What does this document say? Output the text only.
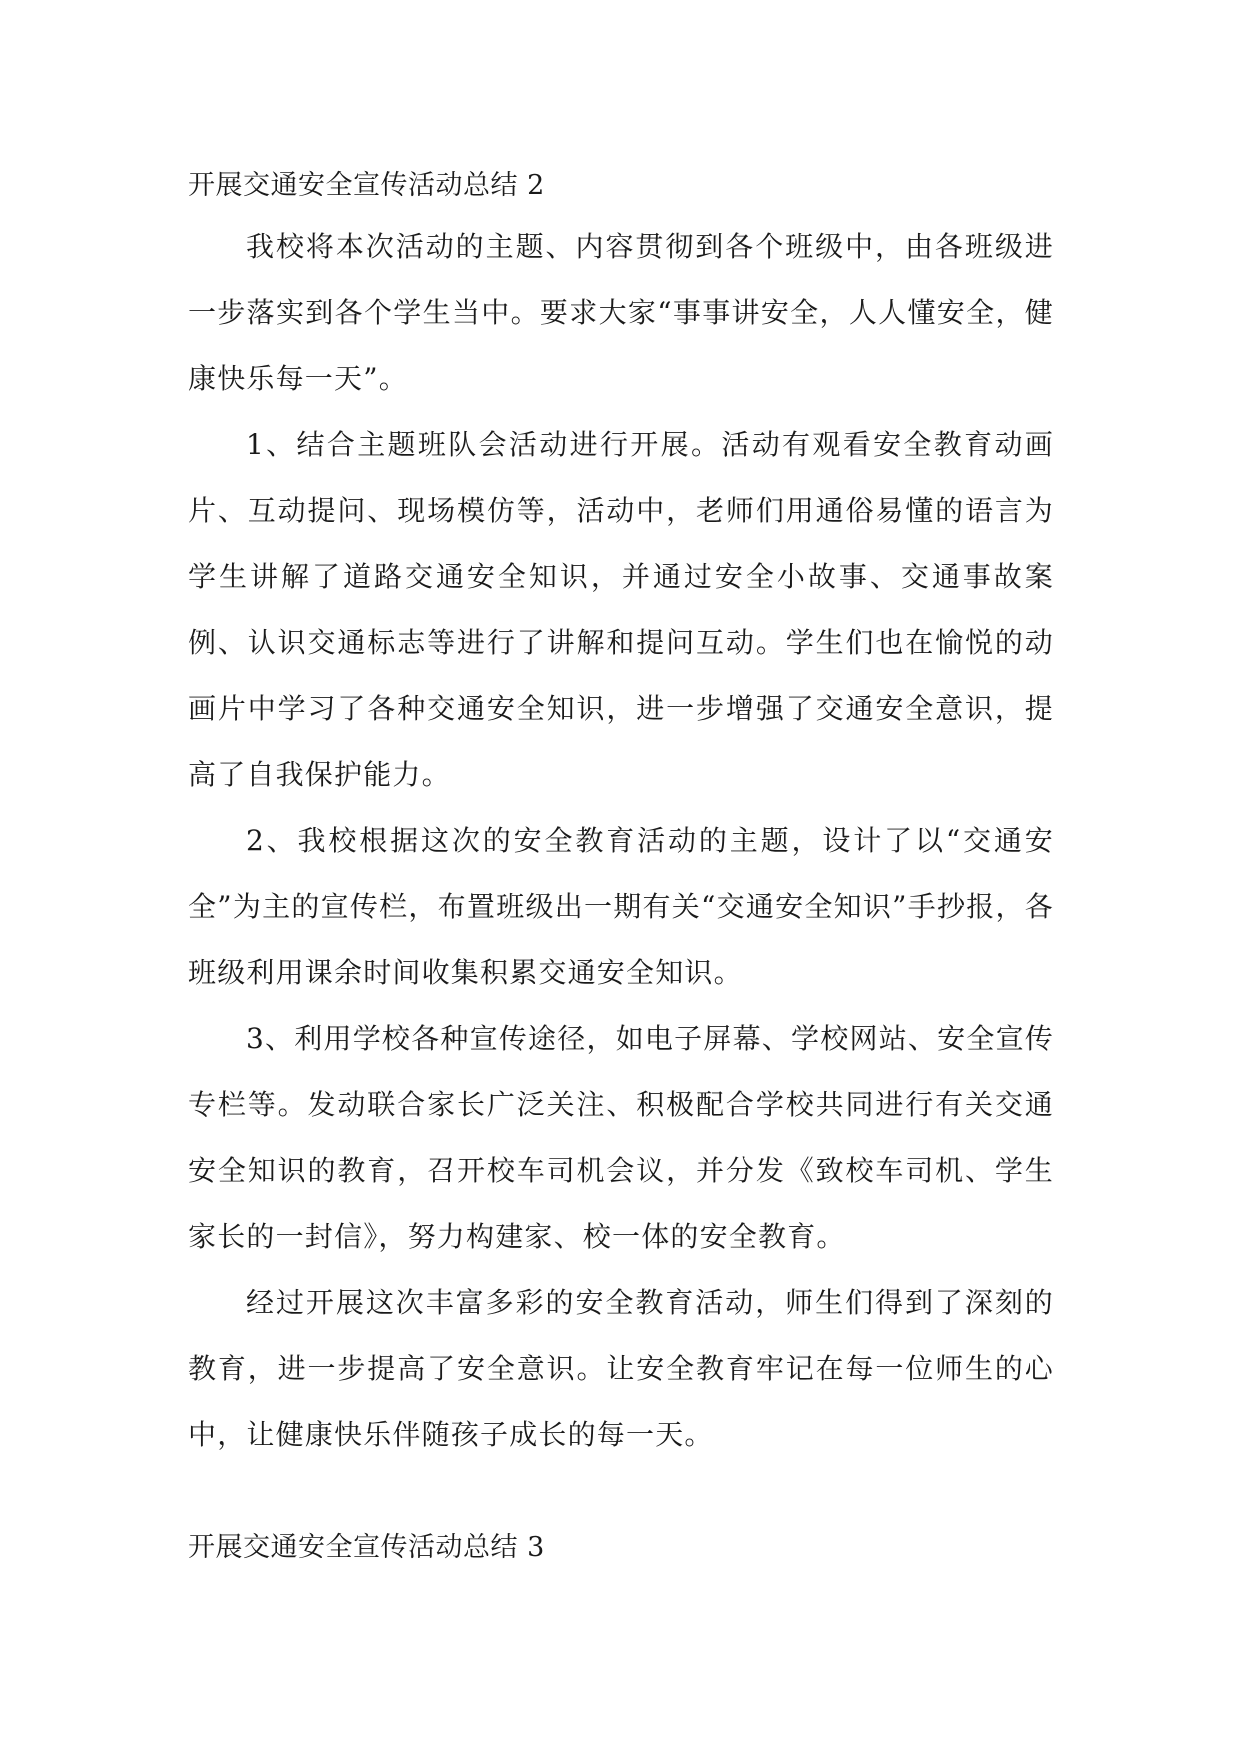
开展交通安全宣传活动总结 2

我校将本次活动的主题、内容贯彻到各个班级中，由各班级进一步落实到各个学生当中。要求大家“事事讲安全，人人懂安全，健康快乐每一天”。

1、结合主题班队会活动进行开展。活动有观看安全教育动画片、互动提问、现场模仿等，活动中，老师们用通俗易懂的语言为学生讲解了道路交通安全知识，并通过安全小故事、交通事故案例、认识交通标志等进行了讲解和提问互动。学生们也在愉悦的动画片中学习了各种交通安全知识，进一步增强了交通安全意识，提高了自我保护能力。

2、我校根据这次的安全教育活动的主题，设计了以“交通安全”为主的宣传栏，布置班级出一期有关“交通安全知识”手抄报，各班级利用课余时间收集积累交通安全知识。

3、利用学校各种宣传途径，如电子屏幕、学校网站、安全宣传专栏等。发动联合家长广泛关注、积极配合学校共同进行有关交通安全知识的教育，召开校车司机会议，并分发《致校车司机、学生家长的一封信》，努力构建家、校一体的安全教育。

经过开展这次丰富多彩的安全教育活动，师生们得到了深刻的教育，进一步提高了安全意识。让安全教育牢记在每一位师生的心中，让健康快乐伴随孩子成长的每一天。

开展交通安全宣传活动总结 3
